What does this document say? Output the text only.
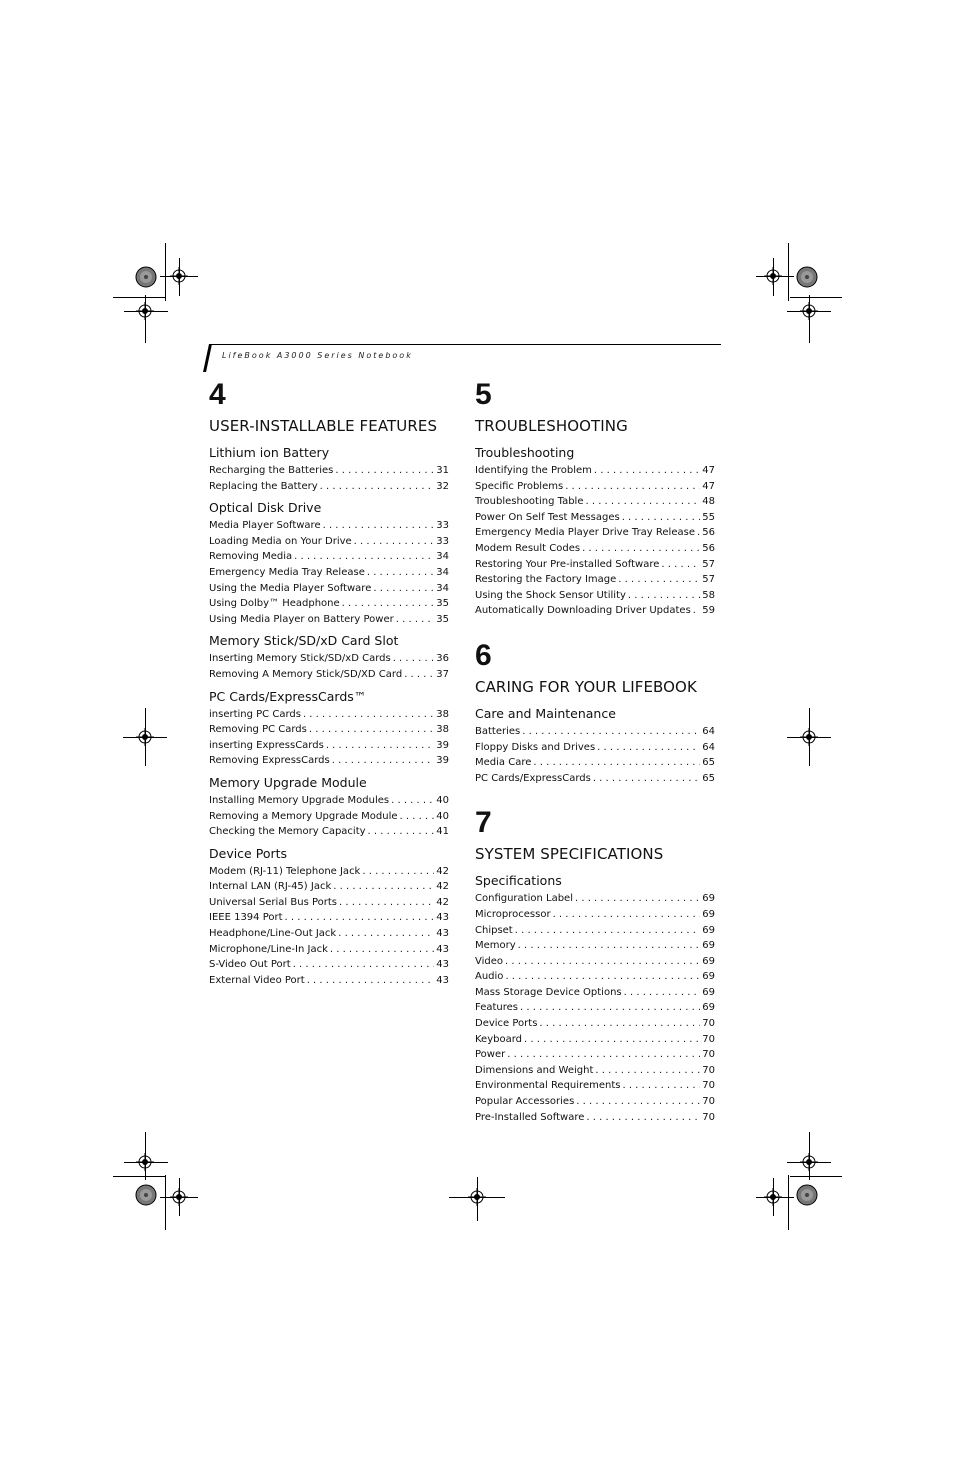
LifeBook A3000 Series Notebook
4
USER-INSTALLABLE FEATURES
Lithium ion Battery
Recharging the Batteries . . .	31
Replacing the Battery . . .	32
Optical Disk Drive
Media Player Software . . .	33
Loading Media on Your Drive . . .	33
Removing Media . . .	34
Emergency Media Tray Release . . .	34
Using the Media Player Software . . .	34
Using Dolby™ Headphone . . .	35
Using Media Player on Battery Power . . .	35
Memory Stick/SD/xD Card Slot
Inserting Memory Stick/SD/xD Cards . . .	36
Removing A Memory Stick/SD/XD Card . . .	37
PC Cards/ExpressCards™
inserting PC Cards . . .	38
Removing PC Cards . . .	38
inserting ExpressCards . . .	39
Removing ExpressCards . . .	39
Memory Upgrade Module
Installing Memory Upgrade Modules . . .	40
Removing a Memory Upgrade Module . . .	40
Checking the Memory Capacity . . .	41
Device Ports
Modem (RJ-11) Telephone Jack . . .	42
Internal LAN (RJ-45) Jack . . .	42
Universal Serial Bus Ports . . .	42
IEEE 1394 Port . . .	43
Headphone/Line-Out Jack . . .	43
Microphone/Line-In Jack . . .	43
S-Video Out Port . . .	43
External Video Port . . .	43
5
TROUBLESHOOTING
Troubleshooting
Identifying the Problem . . .	47
Specific Problems . . .	47
Troubleshooting Table . . .	48
Power On Self Test Messages . . .	55
Emergency Media Player Drive Tray Release . . . 56
Modem Result Codes . . .	56
Restoring Your Pre-installed Software . . .	57
Restoring the Factory Image . . .	57
Using the Shock Sensor Utility . . .	58
Automatically Downloading Driver Updates . . . 59
6
CARING FOR YOUR LIFEBOOK
Care and Maintenance
Batteries . . .	64
Floppy Disks and Drives . . .	64
Media Care . . .	65
PC Cards/ExpressCards . . .	65
7
SYSTEM SPECIFICATIONS
Specifications
Configuration Label . . .	69
Microprocessor . . .	69
Chipset . . .	69
Memory . . .	69
Video . . .	69
Audio . . .	69
Mass Storage Device Options . . .	69
Features . . .	69
Device Ports . . .	70
Keyboard . . .	70
Power . . .	70
Dimensions and Weight . . .	70
Environmental Requirements . . .	70
Popular Accessories . . .	70
Pre-Installed Software . . .	70
